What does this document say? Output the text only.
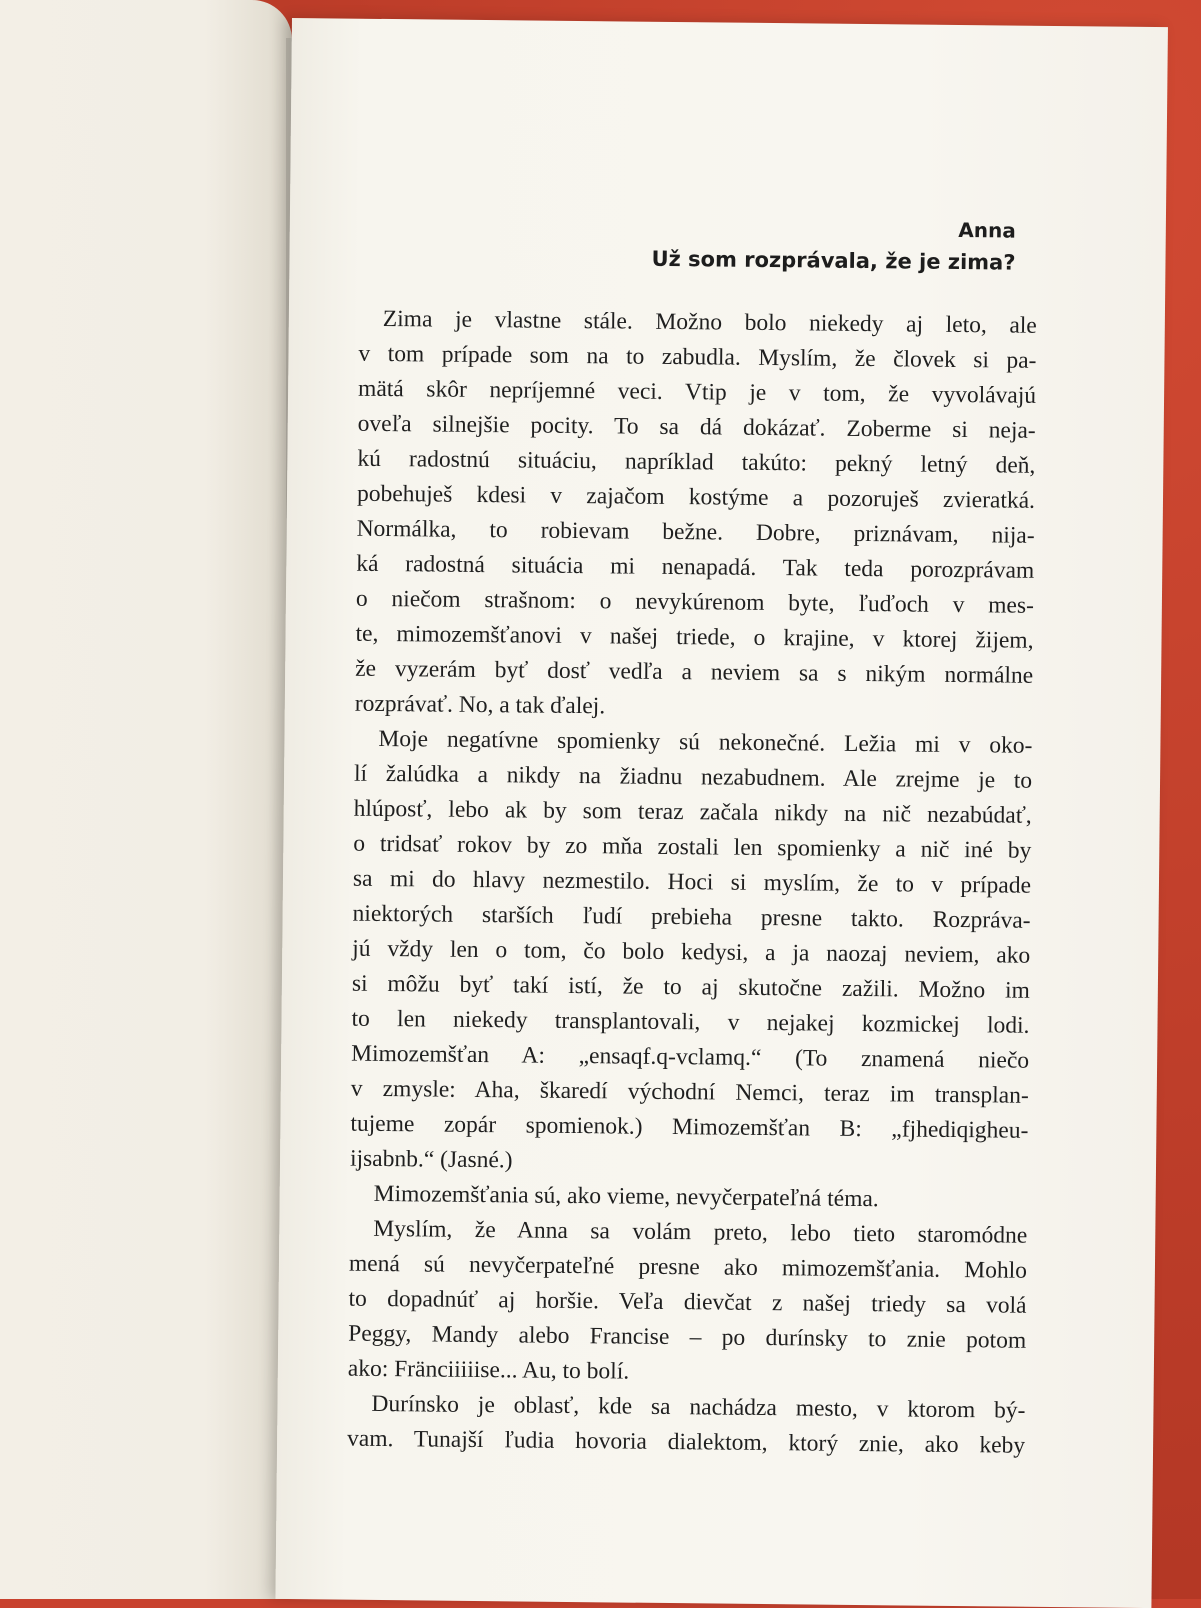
Anna
Už som rozprávala, že je zima?
Zima je vlastne stále. Možno bolo niekedy aj leto, ale
v tom prípade som na to zabudla. Myslím, že človek si pa-
mätá skôr nepríjemné veci. Vtip je v tom, že vyvolávajú
oveľa silnejšie pocity. To sa dá dokázať. Zoberme si neja-
kú radostnú situáciu, napríklad takúto: pekný letný deň,
pobehuješ kdesi v zajačom kostýme a pozoruješ zvieratká.
Normálka, to robievam bežne. Dobre, priznávam, nija-
ká radostná situácia mi nenapadá. Tak teda porozprávam
o niečom strašnom: o nevykúrenom byte, ľuďoch v mes-
te, mimozemšťanovi v našej triede, o krajine, v ktorej žijem,
že vyzerám byť dosť vedľa a neviem sa s nikým normálne
rozprávať. No, a tak ďalej.
Moje negatívne spomienky sú nekonečné. Ležia mi v oko-
lí žalúdka a nikdy na žiadnu nezabudnem. Ale zrejme je to
hlúposť, lebo ak by som teraz začala nikdy na nič nezabúdať,
o tridsať rokov by zo mňa zostali len spomienky a nič iné by
sa mi do hlavy nezmestilo. Hoci si myslím, že to v prípade
niektorých starších ľudí prebieha presne takto. Rozpráva-
jú vždy len o tom, čo bolo kedysi, a ja naozaj neviem, ako
si môžu byť takí istí, že to aj skutočne zažili. Možno im
to len niekedy transplantovali, v nejakej kozmickej lodi.
Mimozemšťan A: „ensaqf.q-vclamq.“ (To znamená niečo
v zmysle: Aha, škaredí východní Nemci, teraz im transplan-
tujeme zopár spomienok.) Mimozemšťan B: „fjhediqigheu-
ijsabnb.“ (Jasné.)
Mimozemšťania sú, ako vieme, nevyčerpateľná téma.
Myslím, že Anna sa volám preto, lebo tieto staromódne
mená sú nevyčerpateľné presne ako mimozemšťania. Mohlo
to dopadnúť aj horšie. Veľa dievčat z našej triedy sa volá
Peggy, Mandy alebo Francise – po durínsky to znie potom
ako: Fränciiiiise... Au, to bolí.
Durínsko je oblasť, kde sa nachádza mesto, v ktorom bý-
vam. Tunajší ľudia hovoria dialektom, ktorý znie, ako keby
